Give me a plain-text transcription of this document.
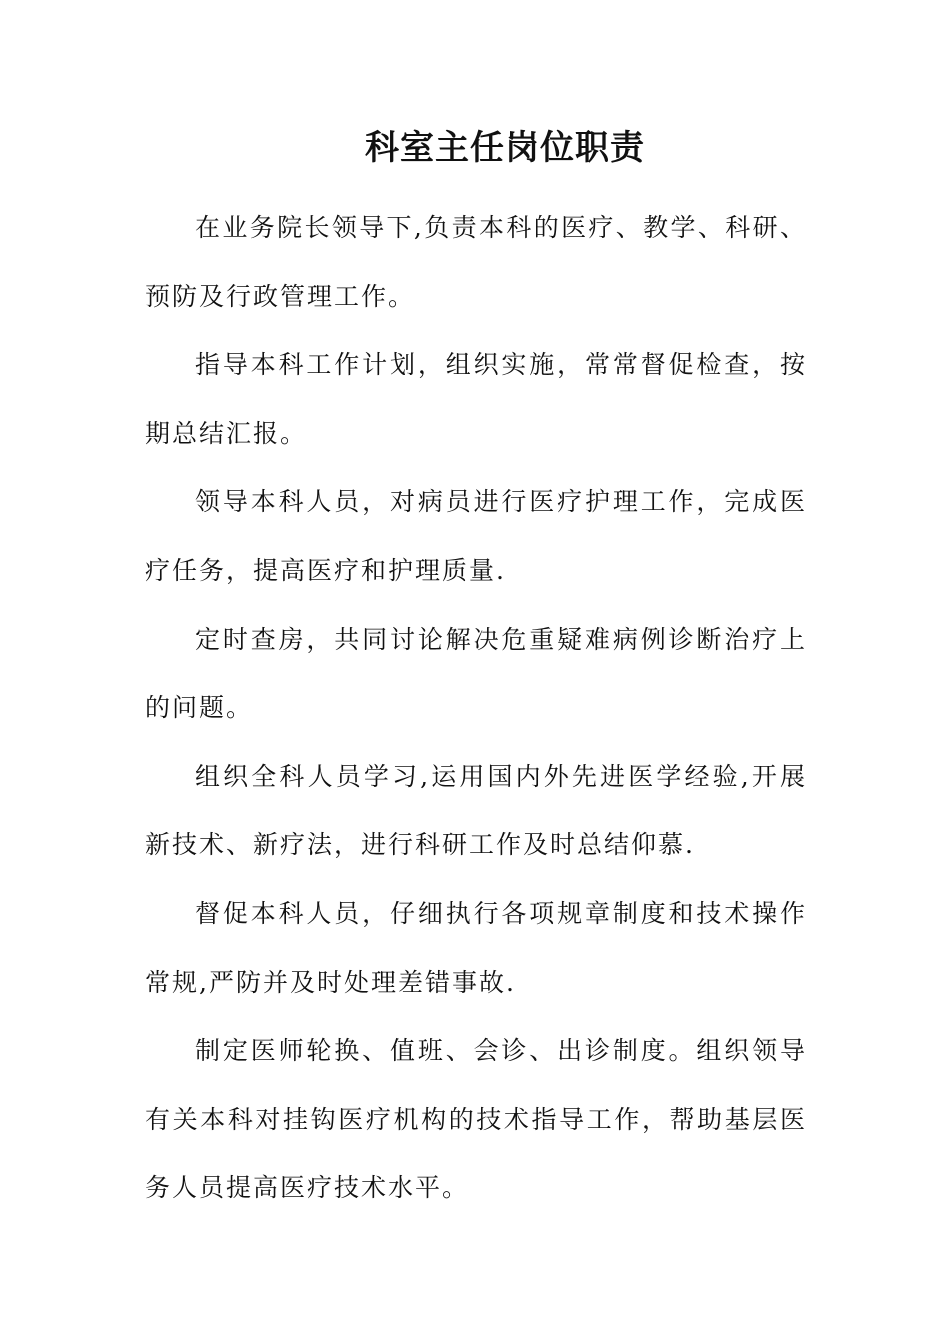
科室主任岗位职责

在业务院长领导下,负责本科的医疗、教学、科研、预防及行政管理工作。

指导本科工作计划，组织实施，常常督促检查，按期总结汇报。

领导本科人员，对病员进行医疗护理工作，完成医疗任务，提高医疗和护理质量.

定时查房，共同讨论解决危重疑难病例诊断治疗上的问题。

组织全科人员学习,运用国内外先进医学经验,开展新技术、新疗法，进行科研工作及时总结仰慕.

督促本科人员，仔细执行各项规章制度和技术操作常规,严防并及时处理差错事故.

制定医师轮换、值班、会诊、出诊制度。组织领导有关本科对挂钩医疗机构的技术指导工作，帮助基层医务人员提高医疗技术水平。
